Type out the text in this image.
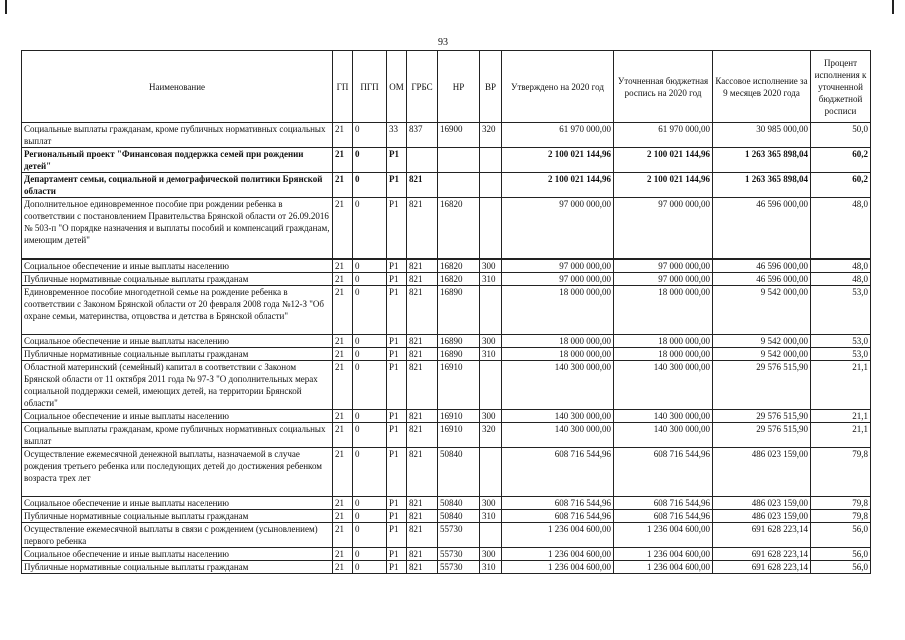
93
Наименование	ГП	ПГП	ОМ	ГРБС	НР	ВР	Утверждено на 2020 год	Уточненная бюджетная роспись на 2020 год	Кассовое исполнение за 9 месяцев 2020 года	Процент исполнения к уточненной бюджетной росписи
Социальные выплаты гражданам, кроме публичных нормативных социальных выплат	21	0	33	837	16900	320	61 970 000,00	61 970 000,00	30 985 000,00	50,0
Региональный проект "Финансовая поддержка семей при рождении детей"	21	0	P1				2 100 021 144,96	2 100 021 144,96	1 263 365 898,04	60,2
Департамент семьи, социальной и демографической политики Брянской области	21	0	P1	821			2 100 021 144,96	2 100 021 144,96	1 263 365 898,04	60,2
Дополнительное единовременное пособие при рождении ребенка в соответствии с постановлением Правительства Брянской области от 26.09.2016 № 503-п "О порядке назначения и выплаты пособий и компенсаций гражданам, имеющим детей"	21	0	P1	821	16820		97 000 000,00	97 000 000,00	46 596 000,00	48,0
Социальное обеспечение и иные выплаты населению	21	0	P1	821	16820	300	97 000 000,00	97 000 000,00	46 596 000,00	48,0
Публичные нормативные социальные выплаты гражданам	21	0	P1	821	16820	310	97 000 000,00	97 000 000,00	46 596 000,00	48,0
Единовременное пособие многодетной семье на рождение ребенка в соответствии с Законом Брянской области от 20 февраля 2008 года №12-З "Об охране семьи, материнства, отцовства и детства в Брянской области"	21	0	P1	821	16890		18 000 000,00	18 000 000,00	9 542 000,00	53,0
Социальное обеспечение и иные выплаты населению	21	0	P1	821	16890	300	18 000 000,00	18 000 000,00	9 542 000,00	53,0
Публичные нормативные социальные выплаты гражданам	21	0	P1	821	16890	310	18 000 000,00	18 000 000,00	9 542 000,00	53,0
Областной материнский (семейный) капитал в соответствии с Законом Брянской области от 11 октября 2011 года № 97-З "О дополнительных мерах социальной поддержки семей, имеющих детей, на территории Брянской области"	21	0	P1	821	16910		140 300 000,00	140 300 000,00	29 576 515,90	21,1
Социальное обеспечение и иные выплаты населению	21	0	P1	821	16910	300	140 300 000,00	140 300 000,00	29 576 515,90	21,1
Социальные выплаты гражданам, кроме публичных нормативных социальных выплат	21	0	P1	821	16910	320	140 300 000,00	140 300 000,00	29 576 515,90	21,1
Осуществление ежемесячной денежной выплаты, назначаемой в случае рождения третьего ребенка или последующих детей до достижения ребенком возраста трех лет	21	0	P1	821	50840		608 716 544,96	608 716 544,96	486 023 159,00	79,8
Социальное обеспечение и иные выплаты населению	21	0	P1	821	50840	300	608 716 544,96	608 716 544,96	486 023 159,00	79,8
Публичные нормативные социальные выплаты гражданам	21	0	P1	821	50840	310	608 716 544,96	608 716 544,96	486 023 159,00	79,8
Осуществление ежемесячной выплаты в связи с рождением (усыновлением) первого ребенка	21	0	P1	821	55730		1 236 004 600,00	1 236 004 600,00	691 628 223,14	56,0
Социальное обеспечение и иные выплаты населению	21	0	P1	821	55730	300	1 236 004 600,00	1 236 004 600,00	691 628 223,14	56,0
Публичные нормативные социальные выплаты гражданам	21	0	P1	821	55730	310	1 236 004 600,00	1 236 004 600,00	691 628 223,14	56,0
